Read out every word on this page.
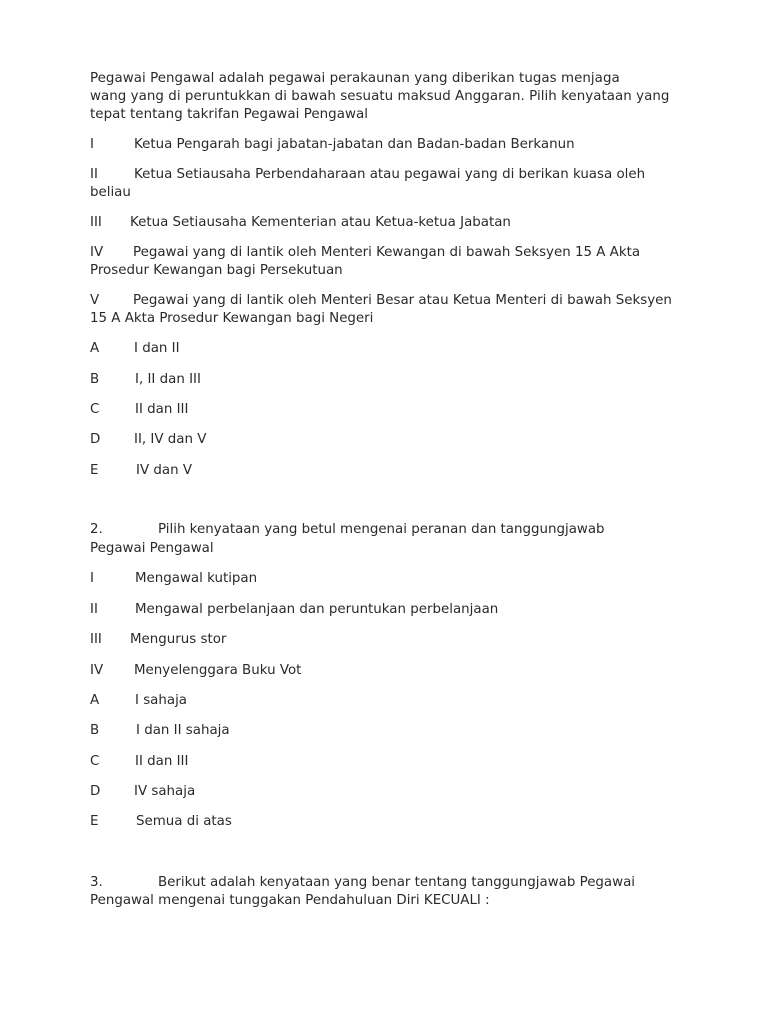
Pegawai Pengawal adalah pegawai perakaunan yang diberikan tugas menjaga
wang yang di peruntukkan di bawah sesuatu maksud Anggaran. Pilih kenyataan yang
tepat tentang takrifan Pegawai Pengawal
I	Ketua Pengarah bagi jabatan-jabatan dan Badan-badan Berkanun
II	Ketua Setiausaha Perbendaharaan atau pegawai yang di berikan kuasa oleh
beliau
III Ketua Setiausaha Kementerian atau Ketua-ketua Jabatan
IV Pegawai yang di lantik oleh Menteri Kewangan di bawah Seksyen 15 A Akta
Prosedur Kewangan bagi Persekutuan
V	Pegawai yang di lantik oleh Menteri Besar atau Ketua Menteri di bawah Seksyen
15 A Akta Prosedur Kewangan bagi Negeri
A	I dan II
B	I, II dan III
C	II dan III
D	II, IV dan V
E	IV dan V
2.	Pilih kenyataan yang betul mengenai peranan dan tanggungjawab
Pegawai Pengawal
I	Mengawal kutipan
II	Mengawal perbelanjaan dan peruntukan perbelanjaan
III Mengurus stor
IV Menyelenggara Buku Vot
A	I sahaja
B	I dan II sahaja
C	II dan III
D	IV sahaja
E	Semua di atas
3.	Berikut adalah kenyataan yang benar tentang tanggungjawab Pegawai
Pengawal mengenai tunggakan Pendahuluan Diri KECUALI :
